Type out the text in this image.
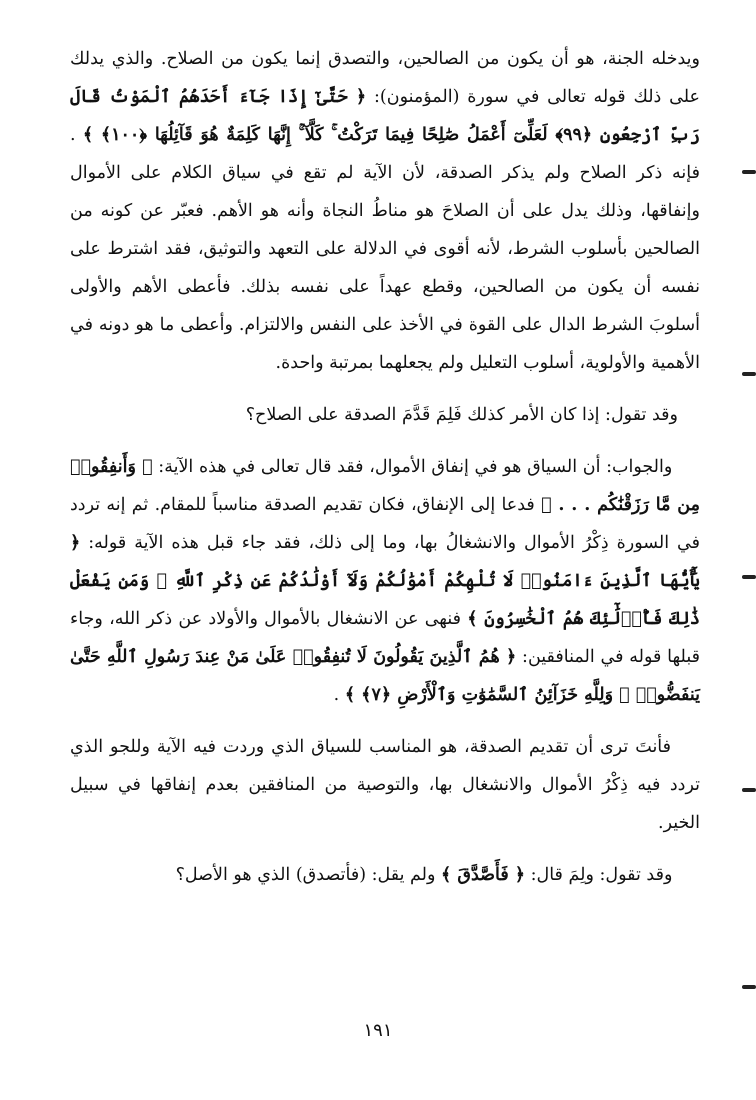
ويدخله الجنة، هو أن يكون من الصالحين، والتصدق إنما يكون من الصلاح. والذي يدلك على ذلك قوله تعالى في سورة (المؤمنون): ﴿ حَتَّىٰٓ إِذَا جَآءَ أَحَدَهُمُ ٱلْمَوْتُ قَالَ رَبِّ ٱرْجِعُونِ ﴿٩٩﴾ لَعَلِّىٓ أَعْمَلُ صَٰلِحًا فِيمَا تَرَكْتُ ۚ كَلَّآ ۚ إِنَّهَا كَلِمَةٌ هُوَ قَآئِلُهَا ﴿١٠٠﴾ ﴾ . فإنه ذكر الصلاح ولم يذكر الصدقة، لأن الآية لم تقع في سياق الكلام على الأموال وإنفاقها، وذلك يدل على أن الصلاحَ هو مناطُ النجاة وأنه هو الأهم. فعبّر عن كونه من الصالحين بأسلوب الشرط، لأنه أقوى في الدلالة على التعهد والتوثيق، فقد اشترط على نفسه أن يكون من الصالحين، وقطع عهداً على نفسه بذلك. فأعطى الأهم والأولى أسلوبَ الشرط الدال على القوة في الأخذ على النفس والالتزام. وأعطى ما هو دونه في الأهمية والأولوية، أسلوب التعليل ولم يجعلهما بمرتبة واحدة.

وقد تقول: إذا كان الأمر كذلك فَلِمَ قَدَّمَ الصدقة على الصلاح؟

والجواب: أن السياق هو في إنفاق الأموال، فقد قال تعالى في هذه الآية: ﴿ وَأَنفِقُوا۟ مِن مَّا رَزَقْنَٰكُم . . . ﴾ فدعا إلى الإنفاق، فكان تقديم الصدقة مناسباً للمقام. ثم إنه تردد في السورة ذِكْرُ الأموال والانشغالُ بها، وما إلى ذلك، فقد جاء قبل هذه الآية قوله: ﴿ يَٰٓأَيُّهَا ٱلَّذِينَ ءَامَنُوا۟ لَا تُلْهِكُمْ أَمْوَٰلُكُمْ وَلَآ أَوْلَٰدُكُمْ عَن ذِكْرِ ٱللَّهِ ۚ وَمَن يَفْعَلْ ذَٰلِكَ فَأُو۟لَٰٓئِكَ هُمُ ٱلْخَٰسِرُونَ ﴾ فنهى عن الانشغال بالأموال والأولاد عن ذكر الله، وجاء قبلها قوله في المنافقين: ﴿ هُمُ ٱلَّذِينَ يَقُولُونَ لَا تُنفِقُوا۟ عَلَىٰ مَنْ عِندَ رَسُولِ ٱللَّهِ حَتَّىٰ يَنفَضُّوا۟ ۗ وَلِلَّهِ خَزَآئِنُ ٱلسَّمَٰوَٰتِ وَٱلْأَرْضِ ﴿٧﴾ ﴾ .

فأنتَ ترى أن تقديم الصدقة، هو المناسب للسياق الذي وردت فيه الآية وللجو الذي تردد فيه ذِكْرُ الأموال والانشغال بها، والتوصية من المنافقين بعدم إنفاقها في سبيل الخير.

وقد تقول: ولِمَ قال: ﴿ فَأَصَّدَّقَ ﴾ ولم يقل: (فأتصدق) الذي هو الأصل؟

١٩١
